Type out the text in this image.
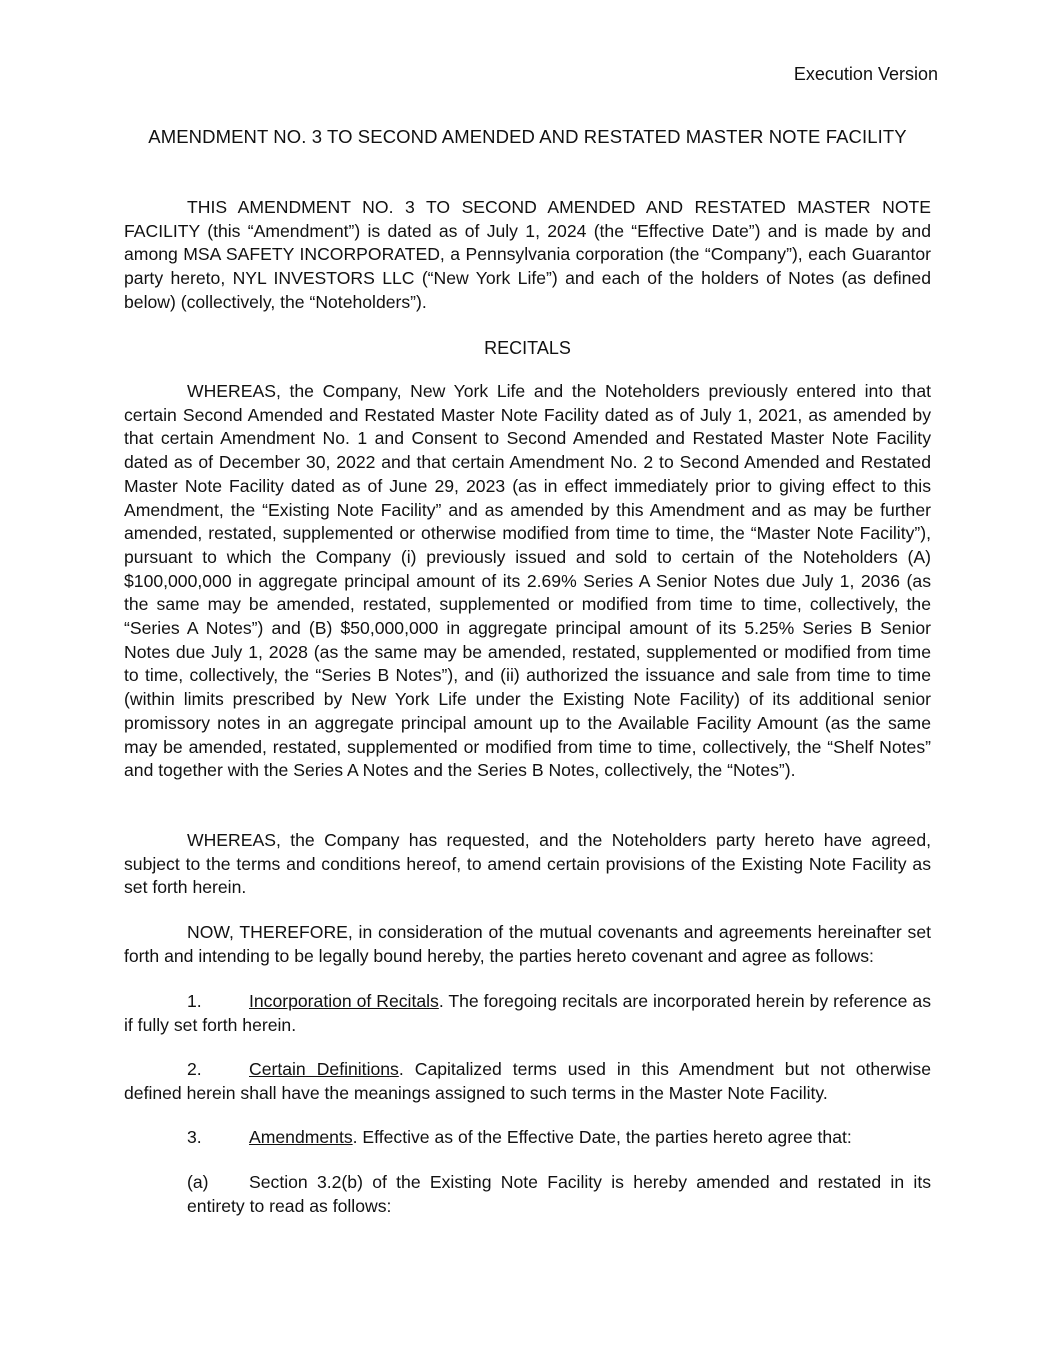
Execution Version
AMENDMENT NO. 3 TO SECOND AMENDED AND RESTATED MASTER NOTE FACILITY
THIS AMENDMENT NO. 3 TO SECOND AMENDED AND RESTATED MASTER NOTE FACILITY (this “Amendment”) is dated as of July 1, 2024 (the “Effective Date”) and is made by and among MSA SAFETY INCORPORATED, a Pennsylvania corporation (the “Company”), each Guarantor party hereto, NYL INVESTORS LLC (“New York Life”) and each of the holders of Notes (as defined below) (collectively, the “Noteholders”).
RECITALS
WHEREAS, the Company, New York Life and the Noteholders previously entered into that certain Second Amended and Restated Master Note Facility dated as of July 1, 2021, as amended by that certain Amendment No. 1 and Consent to Second Amended and Restated Master Note Facility dated as of December 30, 2022 and that certain Amendment No. 2 to Second Amended and Restated Master Note Facility dated as of June 29, 2023 (as in effect immediately prior to giving effect to this Amendment, the “Existing Note Facility” and as amended by this Amendment and as may be further amended, restated, supplemented or otherwise modified from time to time, the “Master Note Facility”), pursuant to which the Company (i) previously issued and sold to certain of the Noteholders (A) $100,000,000 in aggregate principal amount of its 2.69% Series A Senior Notes due July 1, 2036 (as the same may be amended, restated, supplemented or modified from time to time, collectively, the “Series A Notes”) and (B) $50,000,000 in aggregate principal amount of its 5.25% Series B Senior Notes due July 1, 2028 (as the same may be amended, restated, supplemented or modified from time to time, collectively, the “Series B Notes”), and (ii) authorized the issuance and sale from time to time (within limits prescribed by New York Life under the Existing Note Facility) of its additional senior promissory notes in an aggregate principal amount up to the Available Facility Amount (as the same may be amended, restated, supplemented or modified from time to time, collectively, the “Shelf Notes” and together with the Series A Notes and the Series B Notes, collectively, the “Notes”).
WHEREAS, the Company has requested, and the Noteholders party hereto have agreed, subject to the terms and conditions hereof, to amend certain provisions of the Existing Note Facility as set forth herein.
NOW, THEREFORE, in consideration of the mutual covenants and agreements hereinafter set forth and intending to be legally bound hereby, the parties hereto covenant and agree as follows:
1.	Incorporation of Recitals. The foregoing recitals are incorporated herein by reference as if fully set forth herein.
2.	Certain Definitions. Capitalized terms used in this Amendment but not otherwise defined herein shall have the meanings assigned to such terms in the Master Note Facility.
3.	Amendments. Effective as of the Effective Date, the parties hereto agree that:
(a) Section 3.2(b) of the Existing Note Facility is hereby amended and restated in its entirety to read as follows:
